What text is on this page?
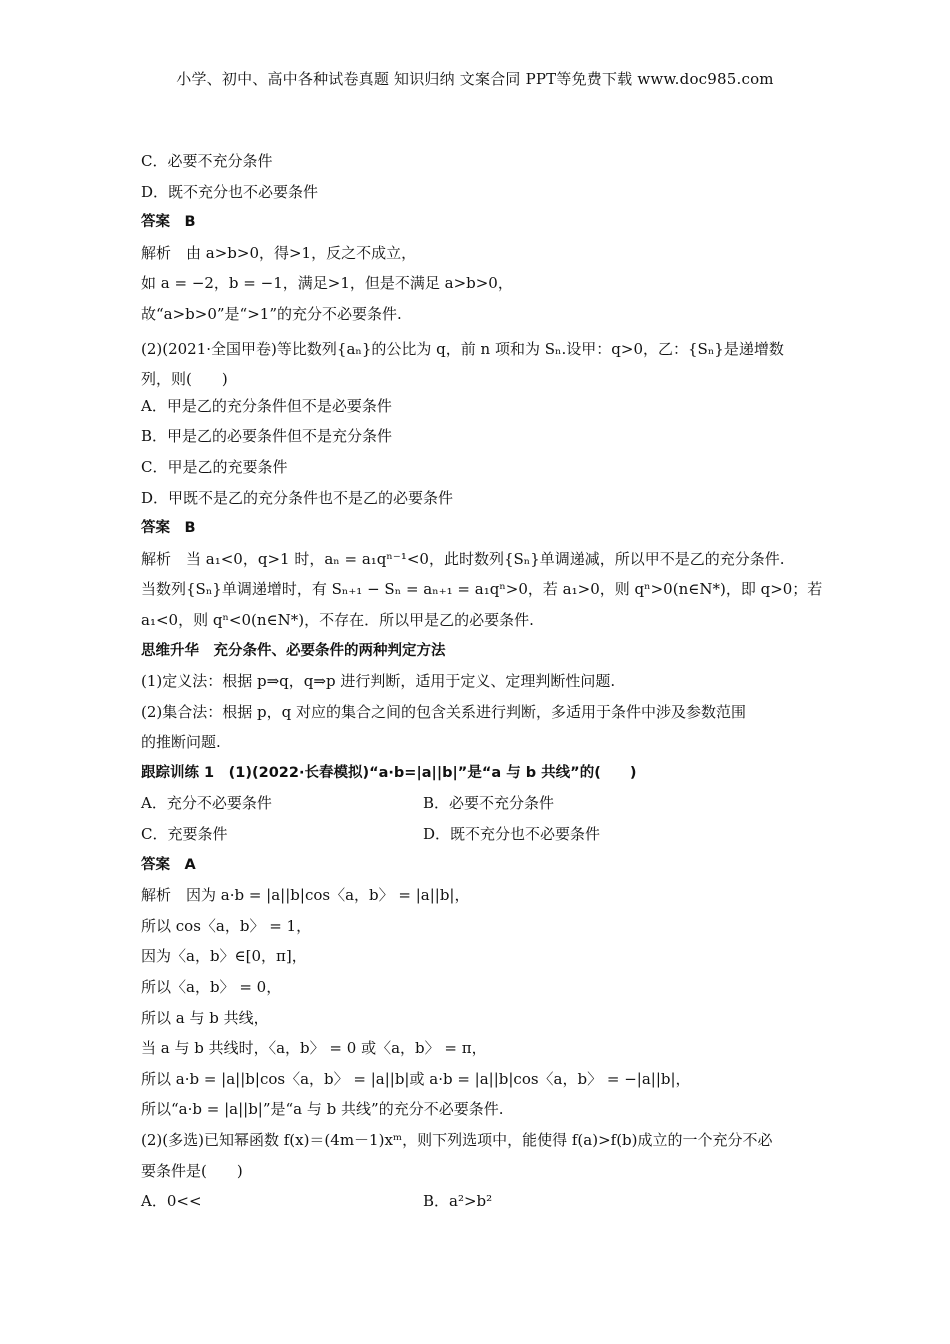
小学、初中、高中各种试卷真题 知识归纳 文案合同 PPT等免费下载 www.doc985.com
C．必要不充分条件
D．既不充分也不必要条件
答案　B
解析　由 a>b>0，得>1，反之不成立，
如 a = −2，b = −1，满足>1，但是不满足 a>b>0，
故“a>b>0”是“>1”的充分不必要条件.
(2)(2021·全国甲卷)等比数列{aₙ}的公比为 q，前 n 项和为 Sₙ.设甲：q>0，乙：{Sₙ}是递增数列，则(　　)
A．甲是乙的充分条件但不是必要条件
B．甲是乙的必要条件但不是充分条件
C．甲是乙的充要条件
D．甲既不是乙的充分条件也不是乙的必要条件
答案　B
解析　当 a₁<0，q>1 时，aₙ = a₁qⁿ⁻¹<0，此时数列{Sₙ}单调递减，所以甲不是乙的充分条件.
当数列{Sₙ}单调递增时，有 Sₙ₊₁ − Sₙ = aₙ₊₁ = a₁qⁿ>0，若 a₁>0，则 qⁿ>0(n∈N*)，即 q>0；若
a₁<0，则 qⁿ<0(n∈N*)，不存在．所以甲是乙的必要条件.
思维升华　充分条件、必要条件的两种判定方法
(1)定义法：根据 p⇒q，q⇒p 进行判断，适用于定义、定理判断性问题.
(2)集合法：根据 p，q 对应的集合之间的包含关系进行判断，多适用于条件中涉及参数范围
的推断问题.
跟踪训练 1　(1)(2022·长春模拟)“a·b=|a||b|”是“a 与 b 共线”的(　　)
A．充分不必要条件	B．必要不充分条件
C．充要条件	D．既不充分也不必要条件
答案　A
解析　因为 a·b = |a||b|cos〈a，b〉 = |a||b|，
所以 cos〈a，b〉 = 1，
因为〈a，b〉∈[0，π]，
所以〈a，b〉 = 0，
所以 a 与 b 共线，
当 a 与 b 共线时，〈a，b〉 = 0 或〈a，b〉 = π，
所以 a·b = |a||b|cos〈a，b〉 = |a||b|或 a·b = |a||b|cos〈a，b〉 = −|a||b|，
所以“a·b = |a||b|”是“a 与 b 共线”的充分不必要条件.
(2)(多选)已知幂函数 f(x)＝(4m－1)xᵐ，则下列选项中，能使得 f(a)>f(b)成立的一个充分不必
要条件是(　　)
A．0<<	B．a²>b²
